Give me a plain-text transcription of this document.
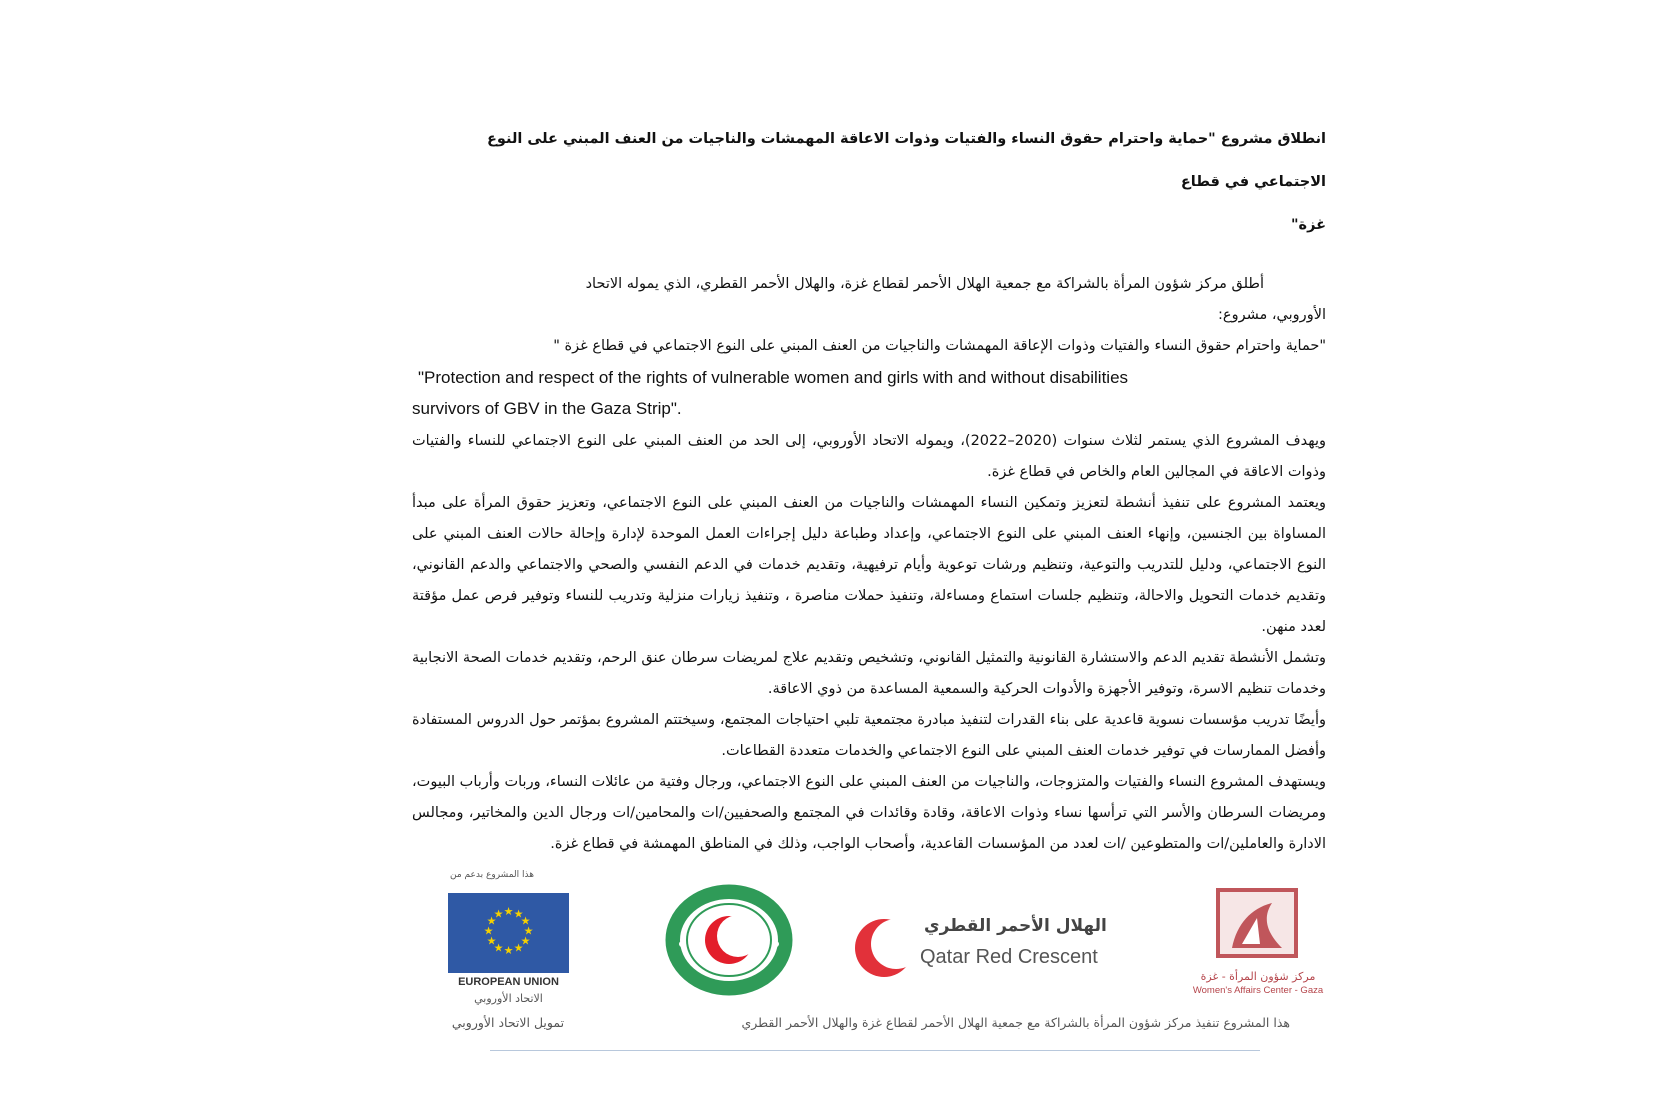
انطلاق مشروع "حماية واحترام حقوق النساء والفتيات وذوات الاعاقة المهمشات والناجيات من العنف المبني على النوع الاجتماعي في قطاع
غزة"
أطلق مركز شؤون المرأة بالشراكة مع جمعية الهلال الأحمر لقطاع غزة، والهلال الأحمر القطري، الذي يموله الاتحاد
الأوروبي، مشروع:

"حماية واحترام حقوق النساء والفتيات وذوات الإعاقة المهمشات والناجيات من العنف المبني على النوع الاجتماعي في قطاع غزة "

"Protection and respect of the rights of vulnerable women and girls with and without disabilities
survivors of GBV in the Gaza Strip".

ويهدف المشروع الذي يستمر لثلاث سنوات (2020–2022)، ويموله الاتحاد الأوروبي، إلى الحد من العنف المبني على النوع الاجتماعي للنساء والفتيات وذوات الاعاقة في المجالين العام والخاص في قطاع غزة.

ويعتمد المشروع على تنفيذ أنشطة لتعزيز وتمكين النساء المهمشات والناجيات من العنف المبني على النوع الاجتماعي، وتعزيز حقوق المرأة على مبدأ المساواة بين الجنسين، وإنهاء العنف المبني على النوع الاجتماعي، وإعداد وطباعة دليل إجراءات العمل الموحدة لإدارة وإحالة حالات العنف المبني على النوع الاجتماعي، ودليل للتدريب والتوعية، وتنظيم ورشات توعوية وأيام ترفيهية، وتقديم خدمات في الدعم النفسي والصحي والاجتماعي والدعم القانوني، وتقديم خدمات التحويل والاحالة، وتنظيم جلسات استماع ومساءلة، وتنفيذ حملات مناصرة ، وتنفيذ زيارات منزلية وتدريب للنساء وتوفير فرص عمل مؤقتة لعدد منهن.

وتشمل الأنشطة تقديم الدعم والاستشارة القانونية والتمثيل القانوني، وتشخيص وتقديم علاج لمريضات سرطان عنق الرحم، وتقديم خدمات الصحة الانجابية وخدمات تنظيم الاسرة، وتوفير الأجهزة والأدوات الحركية والسمعية المساعدة من ذوي الاعاقة.

وأيضًا تدريب مؤسسات نسوية قاعدية على بناء القدرات لتنفيذ مبادرة مجتمعية تلبي احتياجات المجتمع، وسيختتم المشروع بمؤتمر حول الدروس المستفادة وأفضل الممارسات في توفير خدمات العنف المبني على النوع الاجتماعي والخدمات متعددة القطاعات.

ويستهدف المشروع النساء والفتيات والمتزوجات، والناجيات من العنف المبني على النوع الاجتماعي، ورجال وفتية من عائلات النساء، وربات وأرباب البيوت، ومريضات السرطان والأسر التي ترأسها نساء وذوات الاعاقة، وقادة وقائدات في المجتمع والصحفيين/ات والمحامين/ات ورجال الدين والمخاتير، ومجالس الادارة والعاملين/ات والمتطوعين /ات لعدد من المؤسسات القاعدية، وأصحاب الواجب، وذلك في المناطق المهمشة في قطاع غزة.

هذا المشروع بدعم من
★ ★
★
★
★
★
★
★
★
★
★
★
EUROPEAN UNION
الاتحاد الأوروبي
تمويل الاتحاد الأوروبي
الهلال الأحمر القطري
Qatar Red Crescent
مركز شؤون المرأة - غزة
Women's Affairs Center - Gaza
هذا المشروع تنفيذ مركز شؤون المرأة بالشراكة مع جمعية الهلال الأحمر لقطاع غزة والهلال الأحمر القطري
